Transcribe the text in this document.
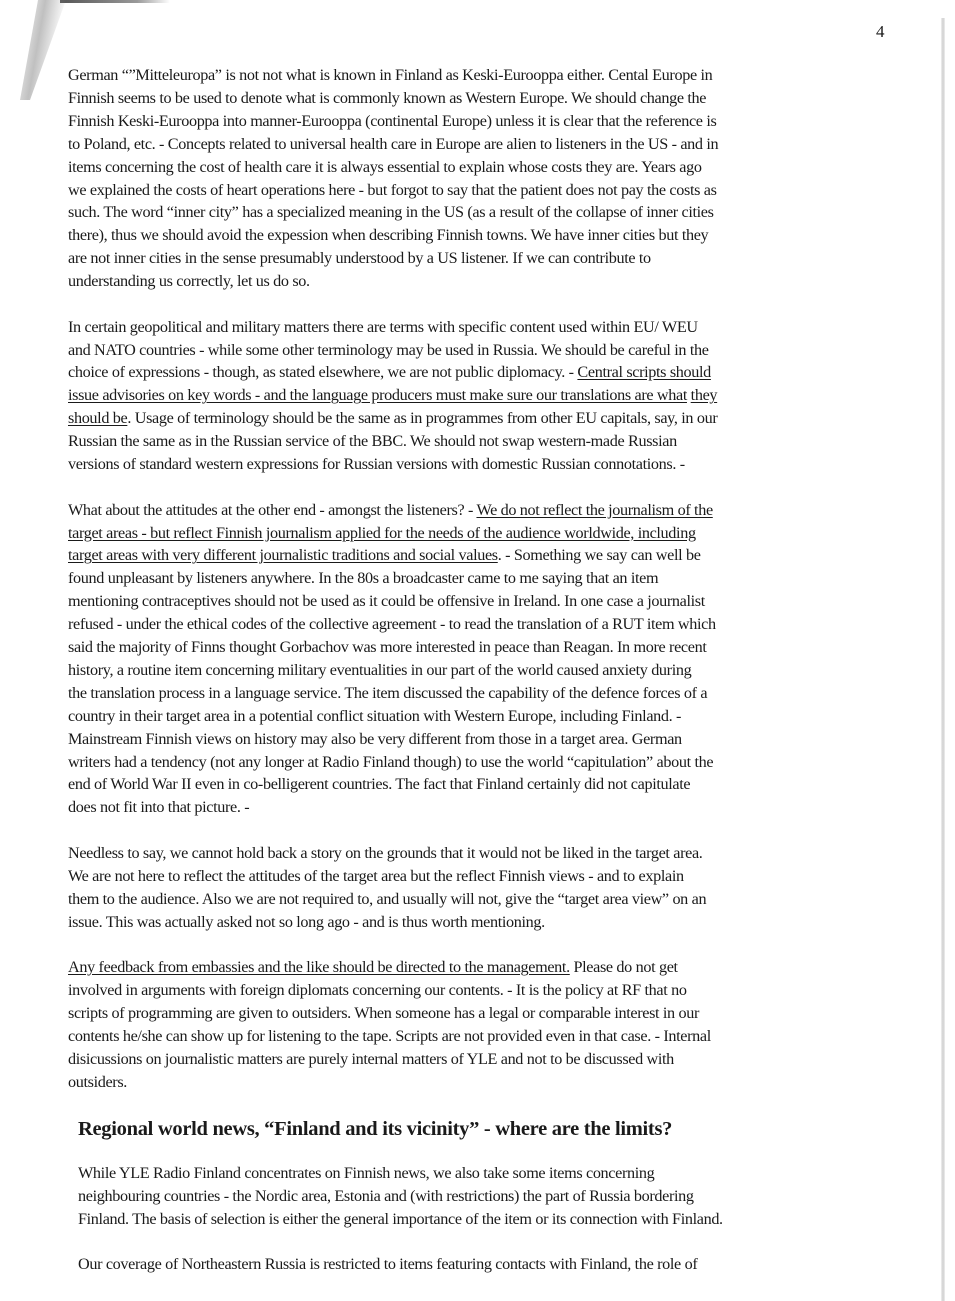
4

German “”Mitteleuropa” is not not what is known in Finland as Keski-Eurooppa either. Cental Europe in
Finnish seems to be used to denote what is commonly known as Western Europe. We should change the
Finnish Keski-Eurooppa into manner-Eurooppa (continental Europe) unless it is clear that the reference is
to Poland, etc. - Concepts related to universal health care in Europe are alien to listeners in the US - and in
items concerning the cost of health care it is always essential to explain whose costs they are. Years ago
we explained the costs of heart operations here - but forgot to say that the patient does not pay the costs as
such. The word “inner city” has a specialized meaning in the US (as a result of the collapse of inner cities
there), thus we should avoid the expession when describing Finnish towns. We have inner cities but they
are not inner cities in the sense presumably understood by a US listener. If we can contribute to
understanding us correctly, let us do so.

In certain geopolitical and military matters there are terms with specific content used within EU/ WEU
and NATO countries - while some other terminology may be used in Russia. We should be careful in the
choice of expressions - though, as stated elsewhere, we are not public diplomacy. - Central scripts should
issue advisories on key words - and the language producers must make sure our translations are what they
should be. Usage of terminology should be the same as in programmes from other EU capitals, say, in our
Russian the same as in the Russian service of the BBC. We should not swap western-made Russian
versions of standard western expressions for Russian versions with domestic Russian connotations. -

What about the attitudes at the other end - amongst the listeners? - We do not reflect the journalism of the
target areas - but reflect Finnish journalism applied for the needs of the audience worldwide, including
target areas with very different journalistic traditions and social values. - Something we say can well be
found unpleasant by listeners anywhere. In the 80s a broadcaster came to me saying that an item
mentioning contraceptives should not be used as it could be offensive in Ireland. In one case a journalist
refused - under the ethical codes of the collective agreement - to read the translation of a RUT item which
said the majority of Finns thought Gorbachov was more interested in peace than Reagan. In more recent
history, a routine item concerning military eventualities in our part of the world caused anxiety during
the translation process in a language service. The item discussed the capability of the defence forces of a
country in their target area in a potential conflict situation with Western Europe, including Finland. -
Mainstream Finnish views on history may also be very different from those in a target area. German
writers had a tendency (not any longer at Radio Finland though) to use the world “capitulation” about the
end of World War II even in co-belligerent countries. The fact that Finland certainly did not capitulate
does not fit into that picture. -

Needless to say, we cannot hold back a story on the grounds that it would not be liked in the target area.
We are not here to reflect the attitudes of the target area but the reflect Finnish views - and to explain
them to the audience. Also we are not required to, and usually will not, give the “target area view” on an
issue. This was actually asked not so long ago - and is thus worth mentioning.

Any feedback from embassies and the like should be directed to the management. Please do not get
involved in arguments with foreign diplomats concerning our contents. - It is the policy at RF that no
scripts of programming are given to outsiders. When someone has a legal or comparable interest in our
contents he/she can show up for listening to the tape. Scripts are not provided even in that case. - Internal
disicussions on journalistic matters are purely internal matters of YLE and not to be discussed with
outsiders.

Regional world news, “Finland and its vicinity” - where are the limits?

While YLE Radio Finland concentrates on Finnish news, we also take some items concerning
neighbouring countries - the Nordic area, Estonia and (with restrictions) the part of Russia bordering
Finland. The basis of selection is either the general importance of the item or its connection with Finland.

Our coverage of Northeastern Russia is restricted to items featuring contacts with Finland, the role of
